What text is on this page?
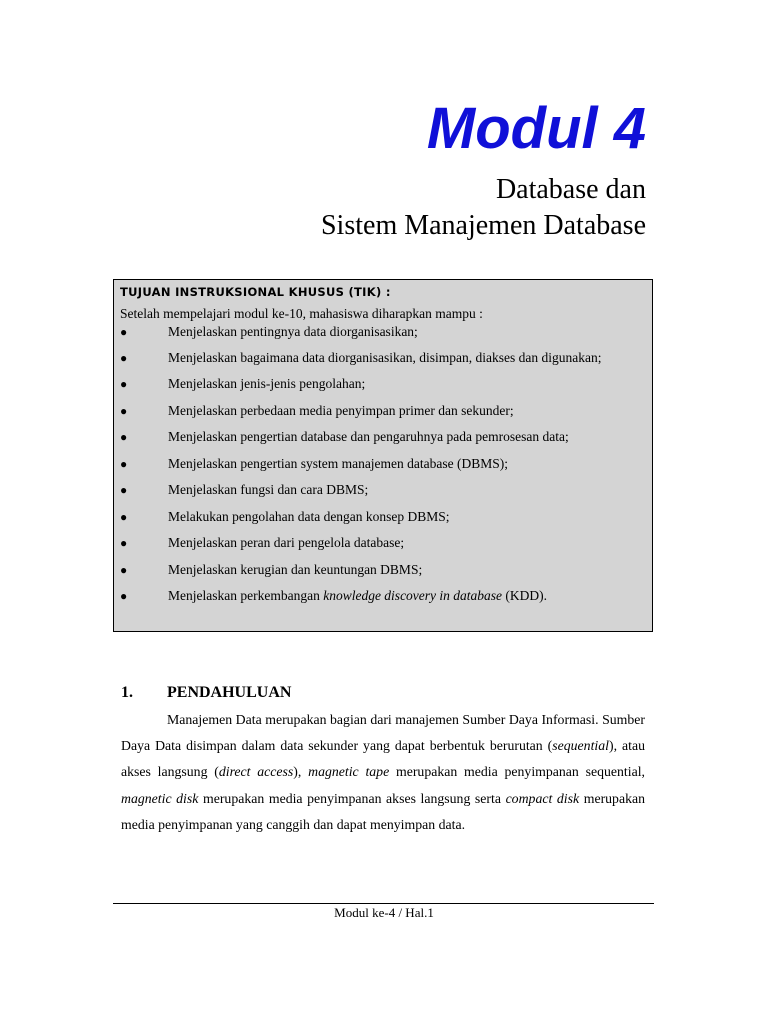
Modul 4
Database dan
Sistem Manajemen Database
TUJUAN INSTRUKSIONAL KHUSUS (TIK) :
Setelah mempelajari modul ke-10, mahasiswa diharapkan mampu :
●	Menjelaskan pentingnya data diorganisasikan;
●	Menjelaskan bagaimana data diorganisasikan, disimpan, diakses dan digunakan;
●	Menjelaskan jenis-jenis pengolahan;
●	Menjelaskan perbedaan media penyimpan primer dan sekunder;
●	Menjelaskan pengertian database dan pengaruhnya pada pemrosesan data;
●	Menjelaskan pengertian system manajemen database (DBMS);
●	Menjelaskan fungsi dan cara DBMS;
●	Melakukan pengolahan data dengan konsep DBMS;
●	Menjelaskan peran dari pengelola database;
●	Menjelaskan kerugian dan keuntungan DBMS;
●	Menjelaskan perkembangan knowledge discovery in database (KDD).
1. PENDAHULUAN

Manajemen Data merupakan bagian dari manajemen Sumber Daya Informasi. Sumber Daya Data disimpan dalam data sekunder yang dapat berbentuk berurutan (sequential), atau akses langsung (direct access), magnetic tape merupakan media penyimpanan sequential, magnetic disk merupakan media penyimpanan akses langsung serta compact disk merupakan media penyimpanan yang canggih dan dapat menyimpan data.

Modul ke-4 / Hal.1
